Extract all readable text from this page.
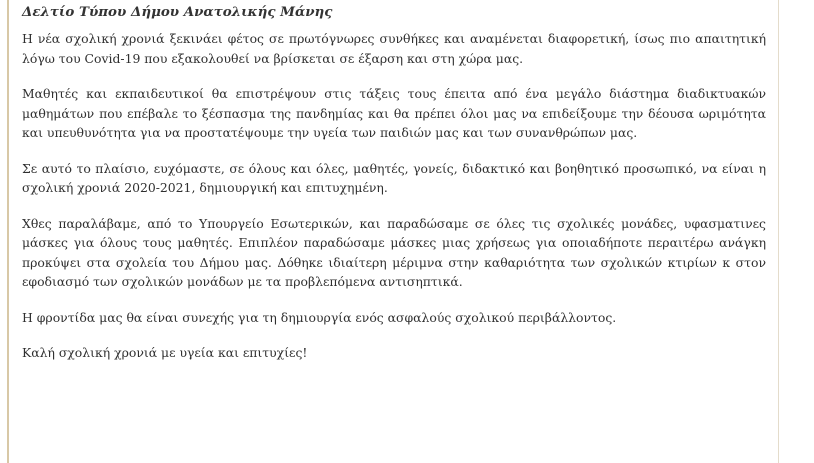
Δελτίο Τύπου Δήμου Ανατολικής Μάνης

Η νέα σχολική χρονιά ξεκινάει φέτος σε πρωτόγνωρες συνθήκες και αναμένεται διαφορετική, ίσως πιο απαιτητική λόγω του Covid-19 που εξακολουθεί να βρίσκεται σε έξαρση και στη χώρα μας.

Μαθητές και εκπαιδευτικοί θα επιστρέψουν στις τάξεις τους έπειτα από ένα μεγάλο διάστημα διαδικτυακών μαθημάτων που επέβαλε το ξέσπασμα της πανδημίας και θα πρέπει όλοι μας να επιδείξουμε την δέουσα ωριμότητα και υπευθυνότητα για να προστατέψουμε την υγεία των παιδιών μας και των συνανθρώπων μας.

Σε αυτό το πλαίσιο, ευχόμαστε, σε όλους και όλες, μαθητές, γονείς, διδακτικό και βοηθητικό προσωπικό, να είναι η σχολική χρονιά 2020-2021, δημιουργική και επιτυχημένη.

Χθες παραλάβαμε, από το Υπουργείο Εσωτερικών, και παραδώσαμε σε όλες τις σχολικές μονάδες, υφασματινες μάσκες για όλους τους μαθητές. Επιπλέον παραδώσαμε μάσκες μιας χρήσεως για οποιαδήποτε περαιτέρω ανάγκη προκύψει στα σχολεία του Δήμου μας. Δόθηκε ιδιαίτερη μέριμνα στην καθαριότητα των σχολικών κτιρίων κ στον εφοδιασμό των σχολικών μονάδων με τα προβλεπόμενα αντισηπτικά.

Η φροντίδα μας θα είναι συνεχής για τη δημιουργία ενός ασφαλούς σχολικού περιβάλλοντος.

Καλή σχολική χρονιά με υγεία και επιτυχίες!
